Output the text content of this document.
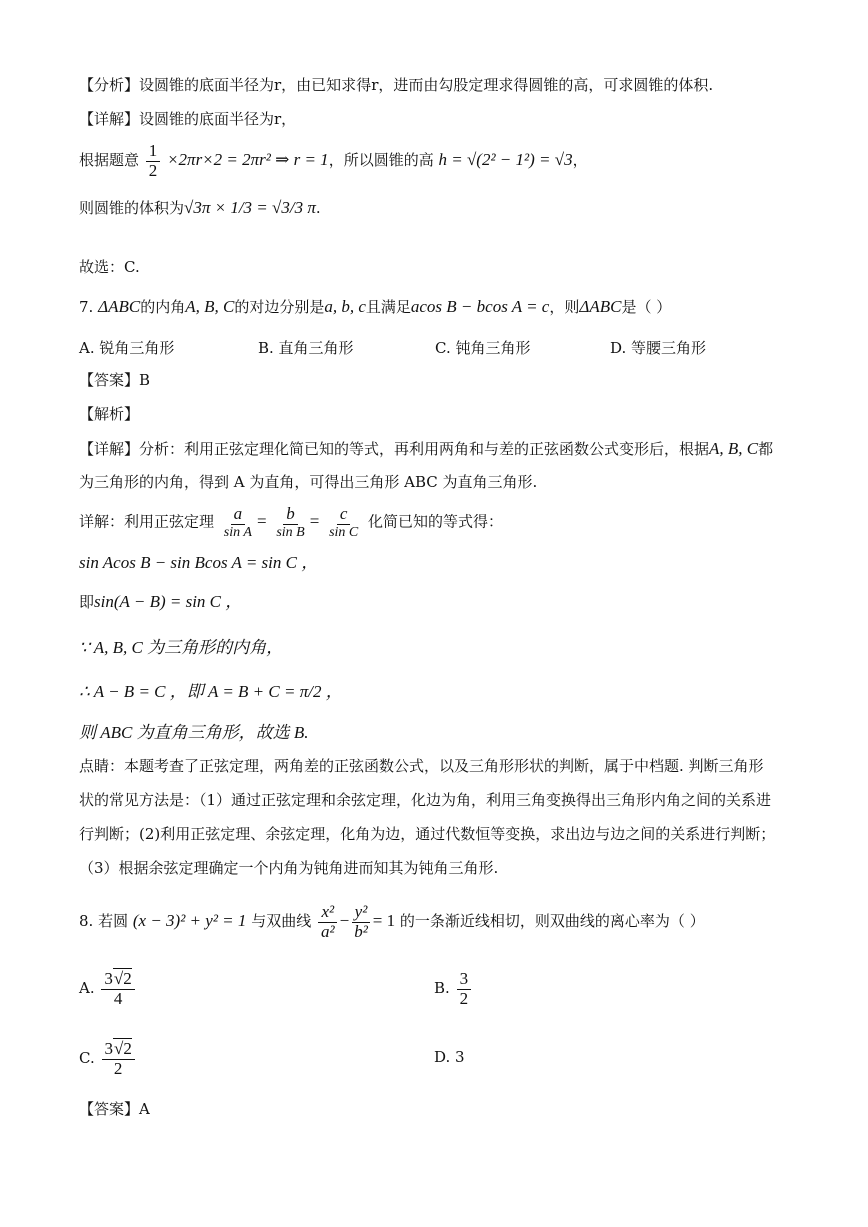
【分析】设圆锥的底面半径为r，由已知求得r，进而由勾股定理求得圆锥的高，可求圆锥的体积.
【详解】设圆锥的底面半径为r，
根据题意 $\frac{1}{2} \times 2\pi r\times 2 = 2\pi r^2$ ⇒ r = 1，所以圆锥的高 h = √(2² − 1²) = √3，
则圆锥的体积为√3π × 1/3 = √3/3 π.
故选：C.
7. ΔABC的内角A, B, C的对边分别是a, b, c且满足acos B − bcos A = c，则ΔABC是（ ）
A. 锐角三角形	B. 直角三角形	C. 钝角三角形	D. 等腰三角形
【答案】B
【解析】
【详解】分析：利用正弦定理化简已知的等式，再利用两角和与差的正弦函数公式变形后，根据A, B, C都
为三角形的内角，得到 A 为直角，可得出三角形 ABC 为直角三角形.
详解：利用正弦定理 $\frac{a}{\text{sin A}} = \frac{b}{\text{sin B}} = \frac{c}{\text{sin C}}$ 化简已知的等式得：
sin Acos B − sin Bcos A = sin C ，
即sin(A − B) = sin C ，
∵ A, B, C 为三角形的内角，
∴ A − B = C ，即 A = B + C = π/2 ，
则 ABC 为直角三角形，故选 B.
点睛：本题考查了正弦定理，两角差的正弦函数公式，以及三角形形状的判断，属于中档题. 判断三角形
状的常见方法是：（1）通过正弦定理和余弦定理，化边为角，利用三角变换得出三角形内角之间的关系进
行判断；(2)利用正弦定理、余弦定理，化角为边，通过代数恒等变换，求出边与边之间的关系进行判断；
（3）根据余弦定理确定一个内角为钝角进而知其为钝角三角形.
8. 若圆 (x − 3)² + y² = 1 与双曲线 $\frac{\text{x²}}{\text{a²}} - \frac{\text{y²}}{\text{b²}} = 1$ 的一条渐近线相切，则双曲线的离心率为（ ）
A. $\frac{3√2}{4}$	B. $\frac{3}{2}$
C. $\frac{3√2}{2}$	D. 3
【答案】A
